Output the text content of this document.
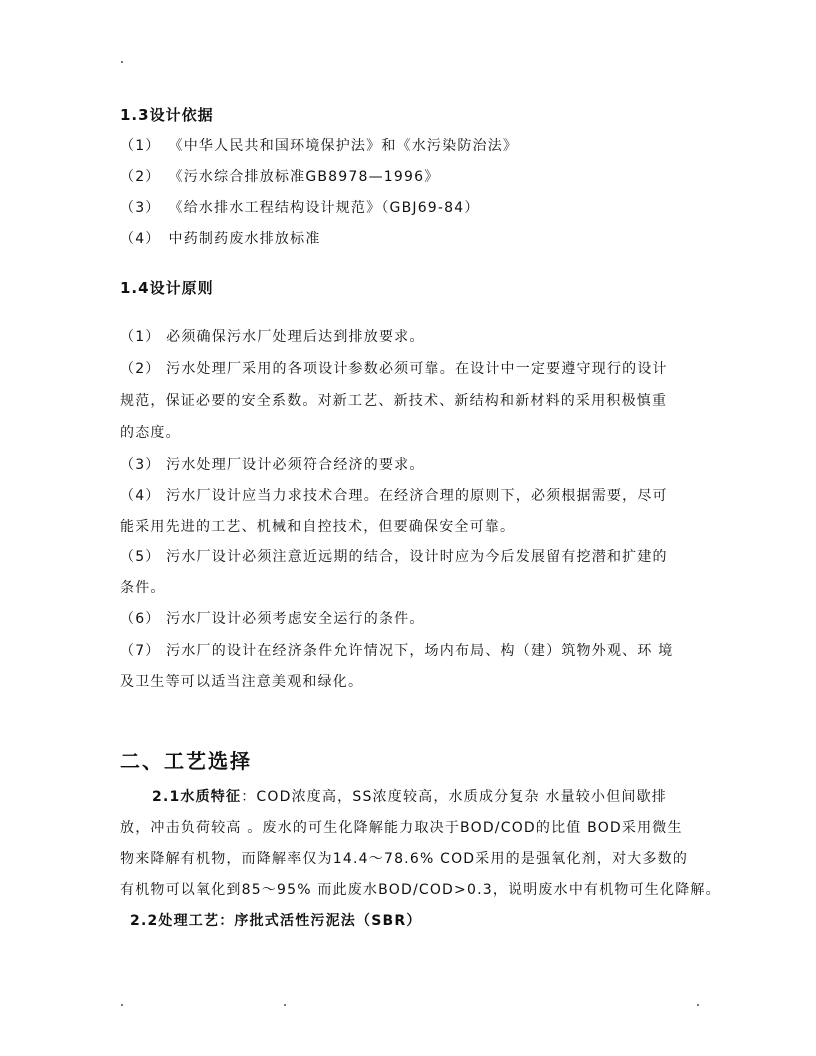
1.3设计依据
（1） 《中华人民共和国环境保护法》和《水污染防治法》
（2） 《污水综合排放标准GB8978—1996》
（3） 《给水排水工程结构设计规范》（GBJ69-84）
（4） 中药制药废水排放标准
1.4设计原则
（1） 必须确保污水厂处理后达到排放要求。
（2） 污水处理厂采用的各项设计参数必须可靠。在设计中一定要遵守现行的设计
规范，保证必要的安全系数。对新工艺、新技术、新结构和新材料的采用积极慎重
的态度。
（3） 污水处理厂设计必须符合经济的要求。
（4） 污水厂设计应当力求技术合理。在经济合理的原则下，必须根据需要，尽可
能采用先进的工艺、机械和自控技术，但要确保安全可靠。
（5） 污水厂设计必须注意近远期的结合，设计时应为今后发展留有挖潜和扩建的
条件。
（6） 污水厂设计必须考虑安全运行的条件。
（7） 污水厂的设计在经济条件允许情况下，场内布局、构（建）筑物外观、环 境
及卫生等可以适当注意美观和绿化。
二、工艺选择
2.1水质特征：COD浓度高，SS浓度较高，水质成分复杂 水量较小但间歇排
放，冲击负荷较高 。废水的可生化降解能力取决于BOD/COD的比值 BOD采用微生
物来降解有机物，而降解率仅为14.4～78.6% COD采用的是强氧化剂，对大多数的
有机物可以氧化到85～95% 而此废水BOD/COD>0.3，说明废水中有机物可生化降解。
2.2处理工艺：序批式活性污泥法（SBR）
